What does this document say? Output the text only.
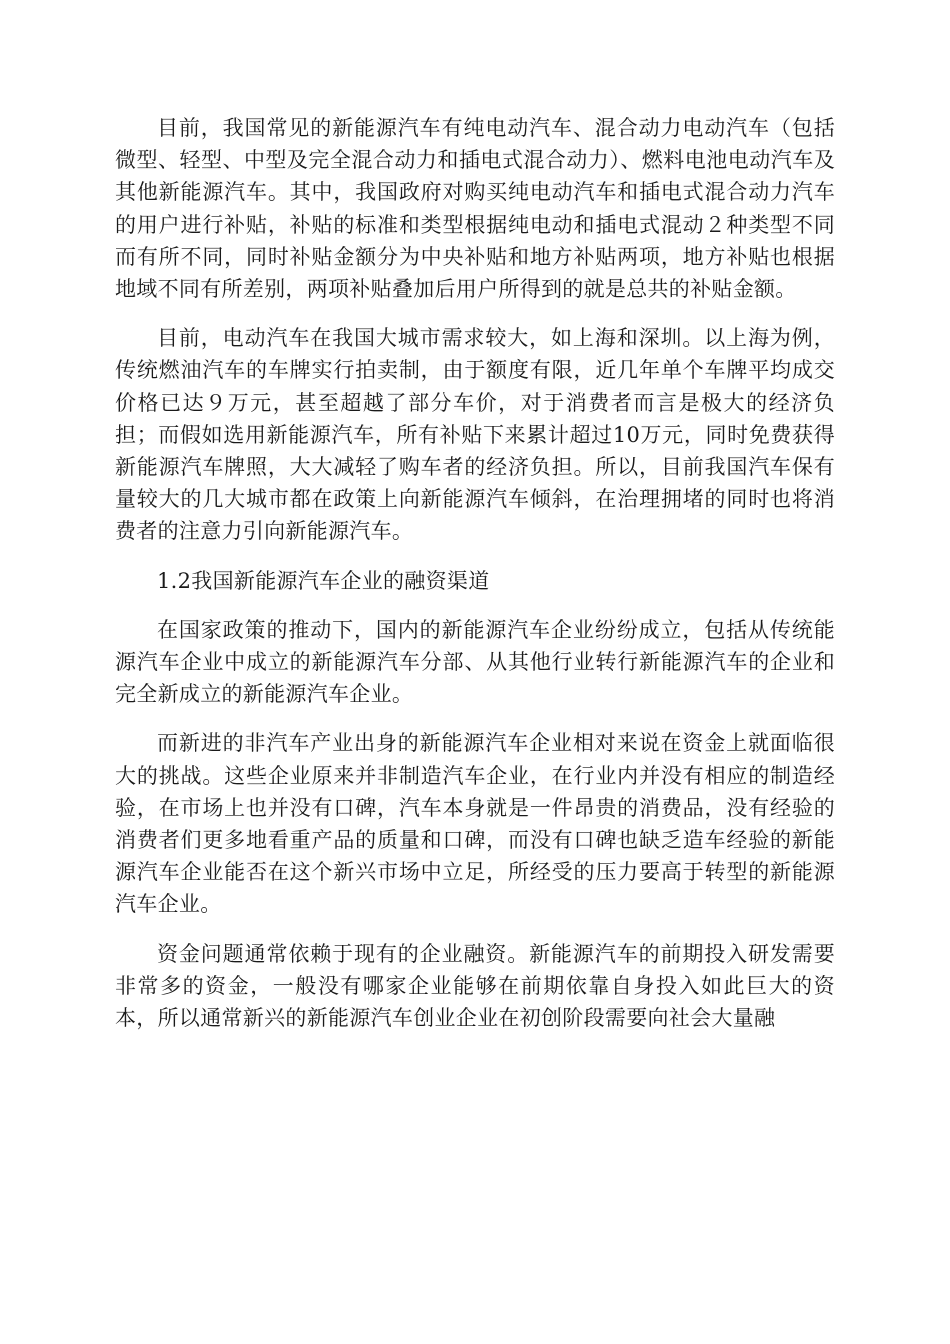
目前，我国常见的新能源汽车有纯电动汽车、混合动力电动汽车（包括微型、轻型、中型及完全混合动力和插电式混合动力）、燃料电池电动汽车及其他新能源汽车。其中，我国政府对购买纯电动汽车和插电式混合动力汽车的用户进行补贴，补贴的标准和类型根据纯电动和插电式混动２种类型不同而有所不同，同时补贴金额分为中央补贴和地方补贴两项，地方补贴也根据地域不同有所差别，两项补贴叠加后用户所得到的就是总共的补贴金额。

目前，电动汽车在我国大城市需求较大，如上海和深圳。以上海为例，传统燃油汽车的车牌实行拍卖制，由于额度有限，近几年单个车牌平均成交价格已达９万元，甚至超越了部分车价，对于消费者而言是极大的经济负担；而假如选用新能源汽车，所有补贴下来累计超过10万元，同时免费获得新能源汽车牌照，大大减轻了购车者的经济负担。所以，目前我国汽车保有量较大的几大城市都在政策上向新能源汽车倾斜，在治理拥堵的同时也将消费者的注意力引向新能源汽车。

1.2我国新能源汽车企业的融资渠道

在国家政策的推动下，国内的新能源汽车企业纷纷成立，包括从传统能源汽车企业中成立的新能源汽车分部、从其他行业转行新能源汽车的企业和完全新成立的新能源汽车企业。

而新进的非汽车产业出身的新能源汽车企业相对来说在资金上就面临很大的挑战。这些企业原来并非制造汽车企业，在行业内并没有相应的制造经验，在市场上也并没有口碑，汽车本身就是一件昂贵的消费品，没有经验的消费者们更多地看重产品的质量和口碑，而没有口碑也缺乏造车经验的新能源汽车企业能否在这个新兴市场中立足，所经受的压力要高于转型的新能源汽车企业。

资金问题通常依赖于现有的企业融资。新能源汽车的前期投入研发需要非常多的资金，一般没有哪家企业能够在前期依靠自身投入如此巨大的资本，所以通常新兴的新能源汽车创业企业在初创阶段需要向社会大量融
